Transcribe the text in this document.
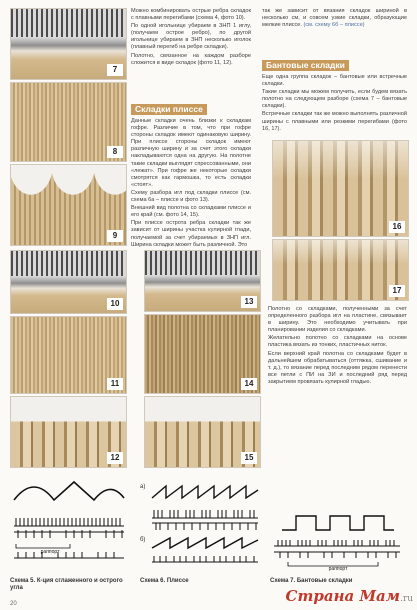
7
8
9
10
11
12

Можно комбинировать острые ребра складок с плавными перегибами (схема 4, фото 10).

По одной игольнице убираем в ЗНП 1 иглу, (получаем острое ребро), по другой игольнице убираем в ЗНП несколько иголок (плавный перегиб на ребре складки).

Полотно, связанное на каждом разборе сложится в виде складок (фото 11, 12).

Складки плиссе

Данные складки очень близки к складкам гофре. Различие в том, что при гофре стороны складок имеют одинаковую ширину. При плиссе стороны складок имеют различную ширину и за счет этого складки накладываются одна на другую. На полотне такие складки выглядят спрессованными, они «лежат». При гофре же некоторые складки смотрятся как гармошка, то есть складки «стоят».

Схему разбора игл под складки плиссе (см. схема 6а – плиссе и фото 13).

Внешний вид полотна со складками плиссе и его край (см. фото 14, 15).

При плиссе острота ребра складки так же зависит от ширины участка кулирной глади, получаемой за счет убираемых в ЗНП игл. Ширина складки может быть различной. Это

13
14
15

так же зависит от вязания складок шириной в несколько см, и совсем узкие складки, образующие мелкие плиссе. (см. схему 6б – плиссе)

Бантовые складки

Еще одна группа складок – бантовые или встречные складки.

Такие складки мы можем получить, если будем вязать полотно на следующем разборе (схема 7 – бантовые складки).

Встречные складки так же можно выполнять различной ширины с плавными или резкими перегибами (фото 16, 17).

16
17

Полотно со складками, полученными за счет определенного разбора игл на пластине, связывает в ширину. Это необходимо учитывать при планировании изделия со складками.

Желательно полотно со складками на основе пластика вязать из тонких, пластичных ниток.

Если верхний край полотна со складками будет в дальнейшем обрабатываться (оттяжка, сшивание и т. д.), то вязание перед последним рядом перенести все петли с ПИ на ЗИ и последний ряд перед закрытием провязать кулирной гладью.

раппорт
Схема 5. К-ция сглаженного и острого угла
а)
б)
Схема 6. Плиссе
раппорт
Схема 7. Бантовые складки
20	Страна Мам.ru
